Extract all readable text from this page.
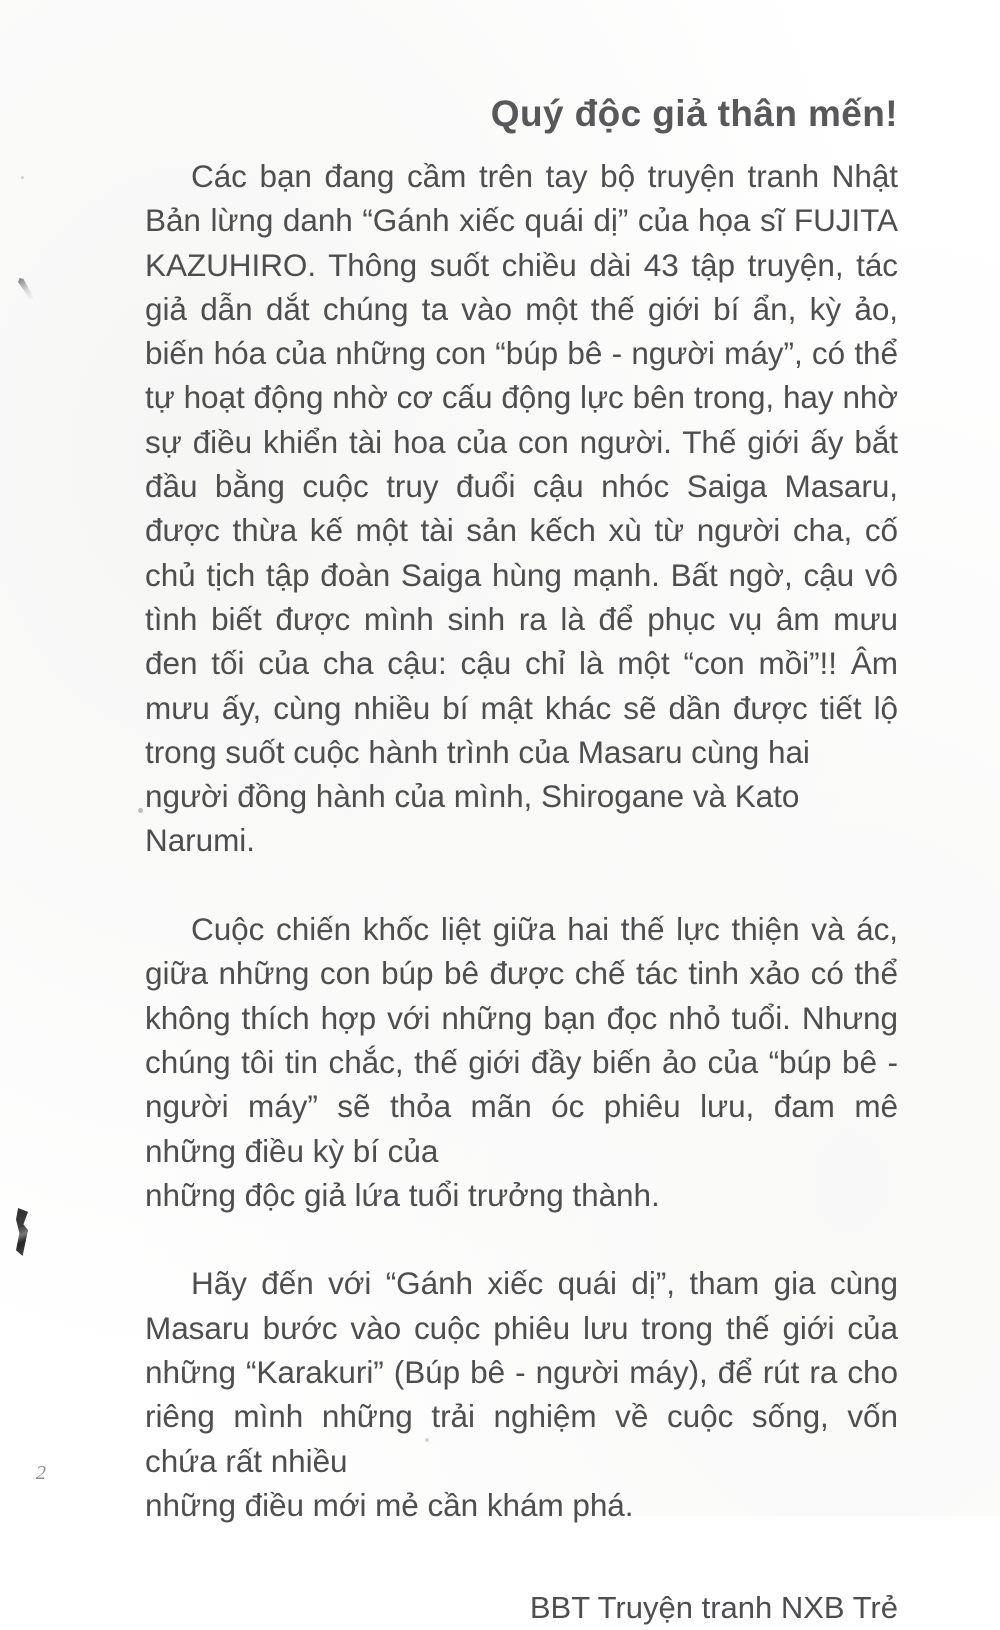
Quý độc giả thân mến!

Các bạn đang cầm trên tay bộ truyện tranh Nhật Bản lừng danh “Gánh xiếc quái dị” của họa sĩ FUJITA KAZUHIRO. Thông suốt chiều dài 43 tập truyện, tác giả dẫn dắt chúng ta vào một thế giới bí ẩn, kỳ ảo, biến hóa của những con “búp bê - người máy”, có thể tự hoạt động nhờ cơ cấu động lực bên trong, hay nhờ sự điều khiển tài hoa của con người. Thế giới ấy bắt đầu bằng cuộc truy đuổi cậu nhóc Saiga Masaru, được thừa kế một tài sản kếch xù từ người cha, cố chủ tịch tập đoàn Saiga hùng mạnh. Bất ngờ, cậu vô tình biết được mình sinh ra là để phục vụ âm mưu đen tối của cha cậu: cậu chỉ là một “con mồi”!! Âm mưu ấy, cùng nhiều bí mật khác sẽ dần được tiết lộ trong suốt cuộc hành trình của Masaru cùng hai
người đồng hành của mình, Shirogane và Kato Narumi.

Cuộc chiến khốc liệt giữa hai thế lực thiện và ác, giữa những con búp bê được chế tác tinh xảo có thể không thích hợp với những bạn đọc nhỏ tuổi. Nhưng chúng tôi tin chắc, thế giới đầy biến ảo của “búp bê - người máy” sẽ thỏa mãn óc phiêu lưu, đam mê những điều kỳ bí của
những độc giả lứa tuổi trưởng thành.

Hãy đến với “Gánh xiếc quái dị”, tham gia cùng Masaru bước vào cuộc phiêu lưu trong thế giới của những “Karakuri” (Búp bê - người máy), để rút ra cho riêng mình những trải nghiệm về cuộc sống, vốn chứa rất nhiều
những điều mới mẻ cần khám phá.

BBT Truyện tranh NXB Trẻ

2
